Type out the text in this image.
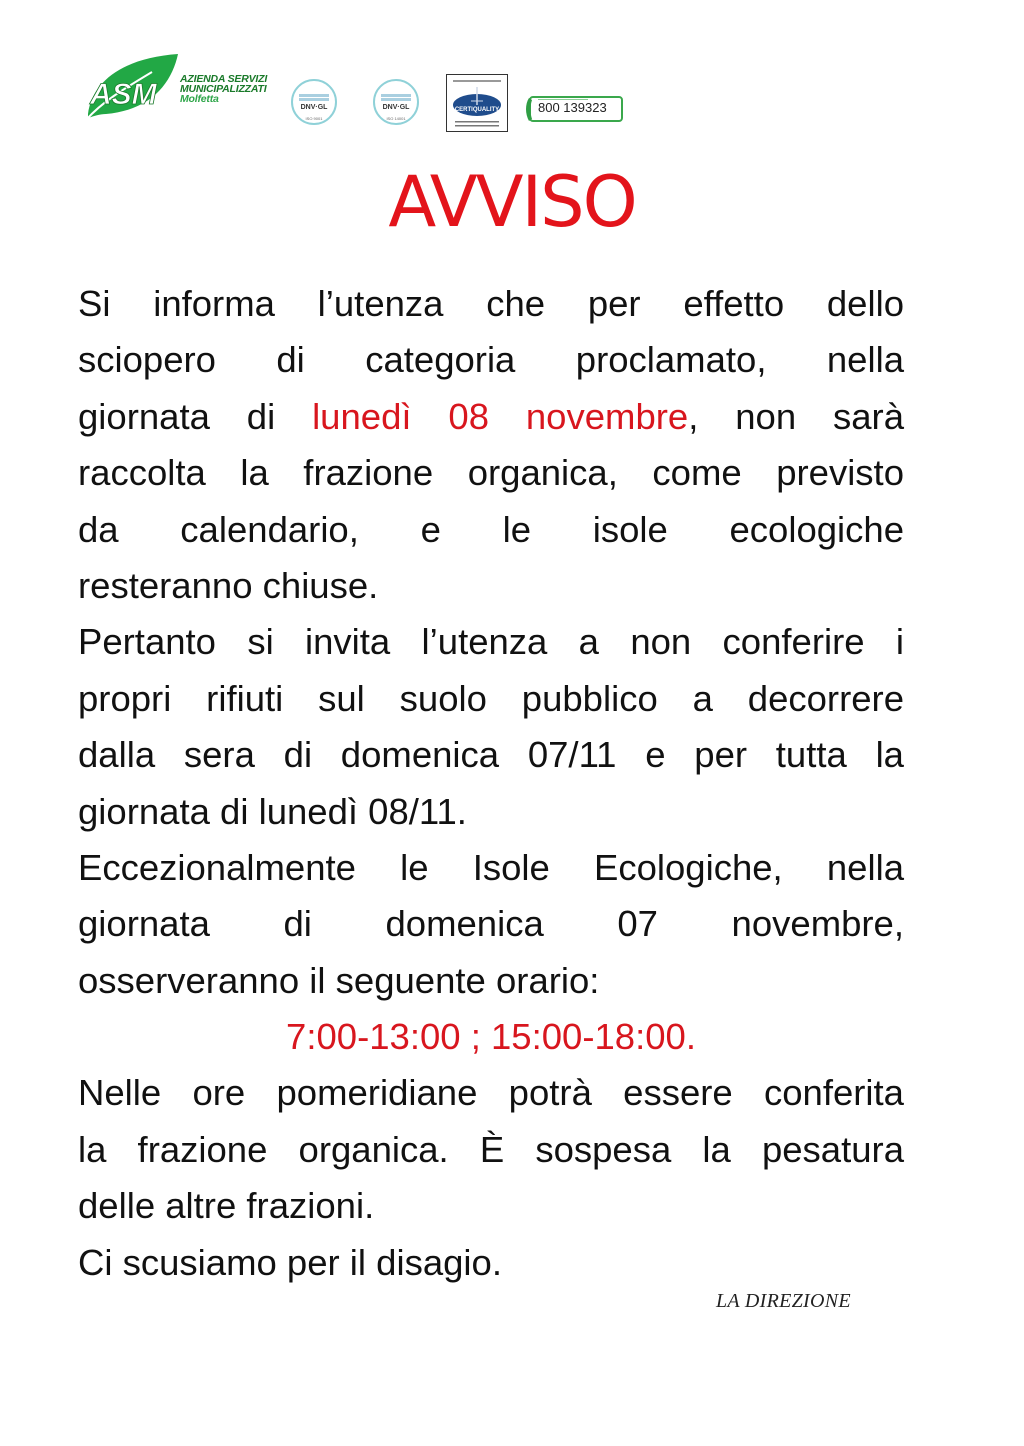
ASM AZIENDA SERVIZI
MUNICIPALIZZATI
Molfetta
DNV·GL
ISO 9001
DNV·GL
ISO 14001
CERTIQUALITY	800 139323
AVVISO
Si informa l’utenza che per effetto dello
sciopero di categoria proclamato, nella
giornata di lunedì 08 novembre, non sarà
raccolta la frazione organica, come previsto
da calendario, e le isole ecologiche
resteranno chiuse.
Pertanto si invita l’utenza a non conferire i
propri rifiuti sul suolo pubblico a decorrere
dalla sera di domenica 07/11 e per tutta la
giornata di lunedì 08/11.
Eccezionalmente le Isole Ecologiche, nella
giornata di domenica 07 novembre,
osserveranno il seguente orario:
7:00-13:00 ; 15:00-18:00.
Nelle ore pomeridiane potrà essere conferita
la frazione organica. È sospesa la pesatura
delle altre frazioni.
Ci scusiamo per il disagio.
LA DIREZIONE
